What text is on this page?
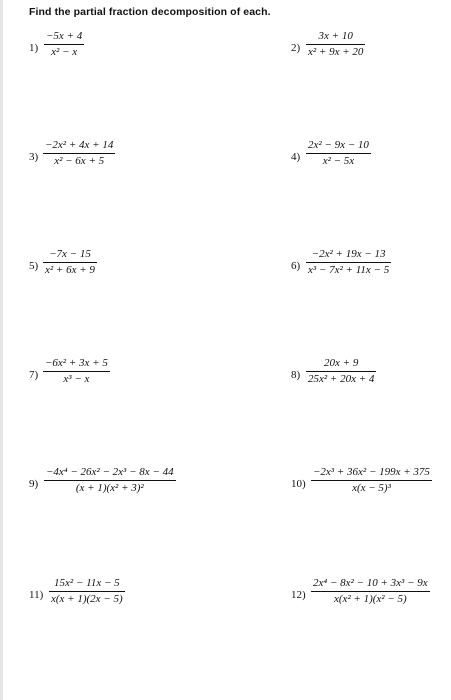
Find the partial fraction decomposition of each.
1)
−5x + 4
x² − x	2)
3x + 10
x² + 9x + 20
3)
−2x² + 4x + 14
x² − 6x + 5	4)
2x² − 9x − 10
x² − 5x
5)
−7x − 15
x² + 6x + 9	6)
−2x² + 19x − 13
x³ − 7x² + 11x − 5
7)
−6x² + 3x + 5
x³ − x	8)
20x + 9
25x² + 20x + 4
9)
−4x⁴ − 26x² − 2x³ − 8x − 44
(x + 1)(x² + 3)²	10)
−2x³ + 36x² − 199x + 375
x(x − 5)³
11)
15x² − 11x − 5
x(x + 1)(2x − 5)	12)
2x⁴ − 8x² − 10 + 3x³ − 9x
x(x² + 1)(x² − 5)
